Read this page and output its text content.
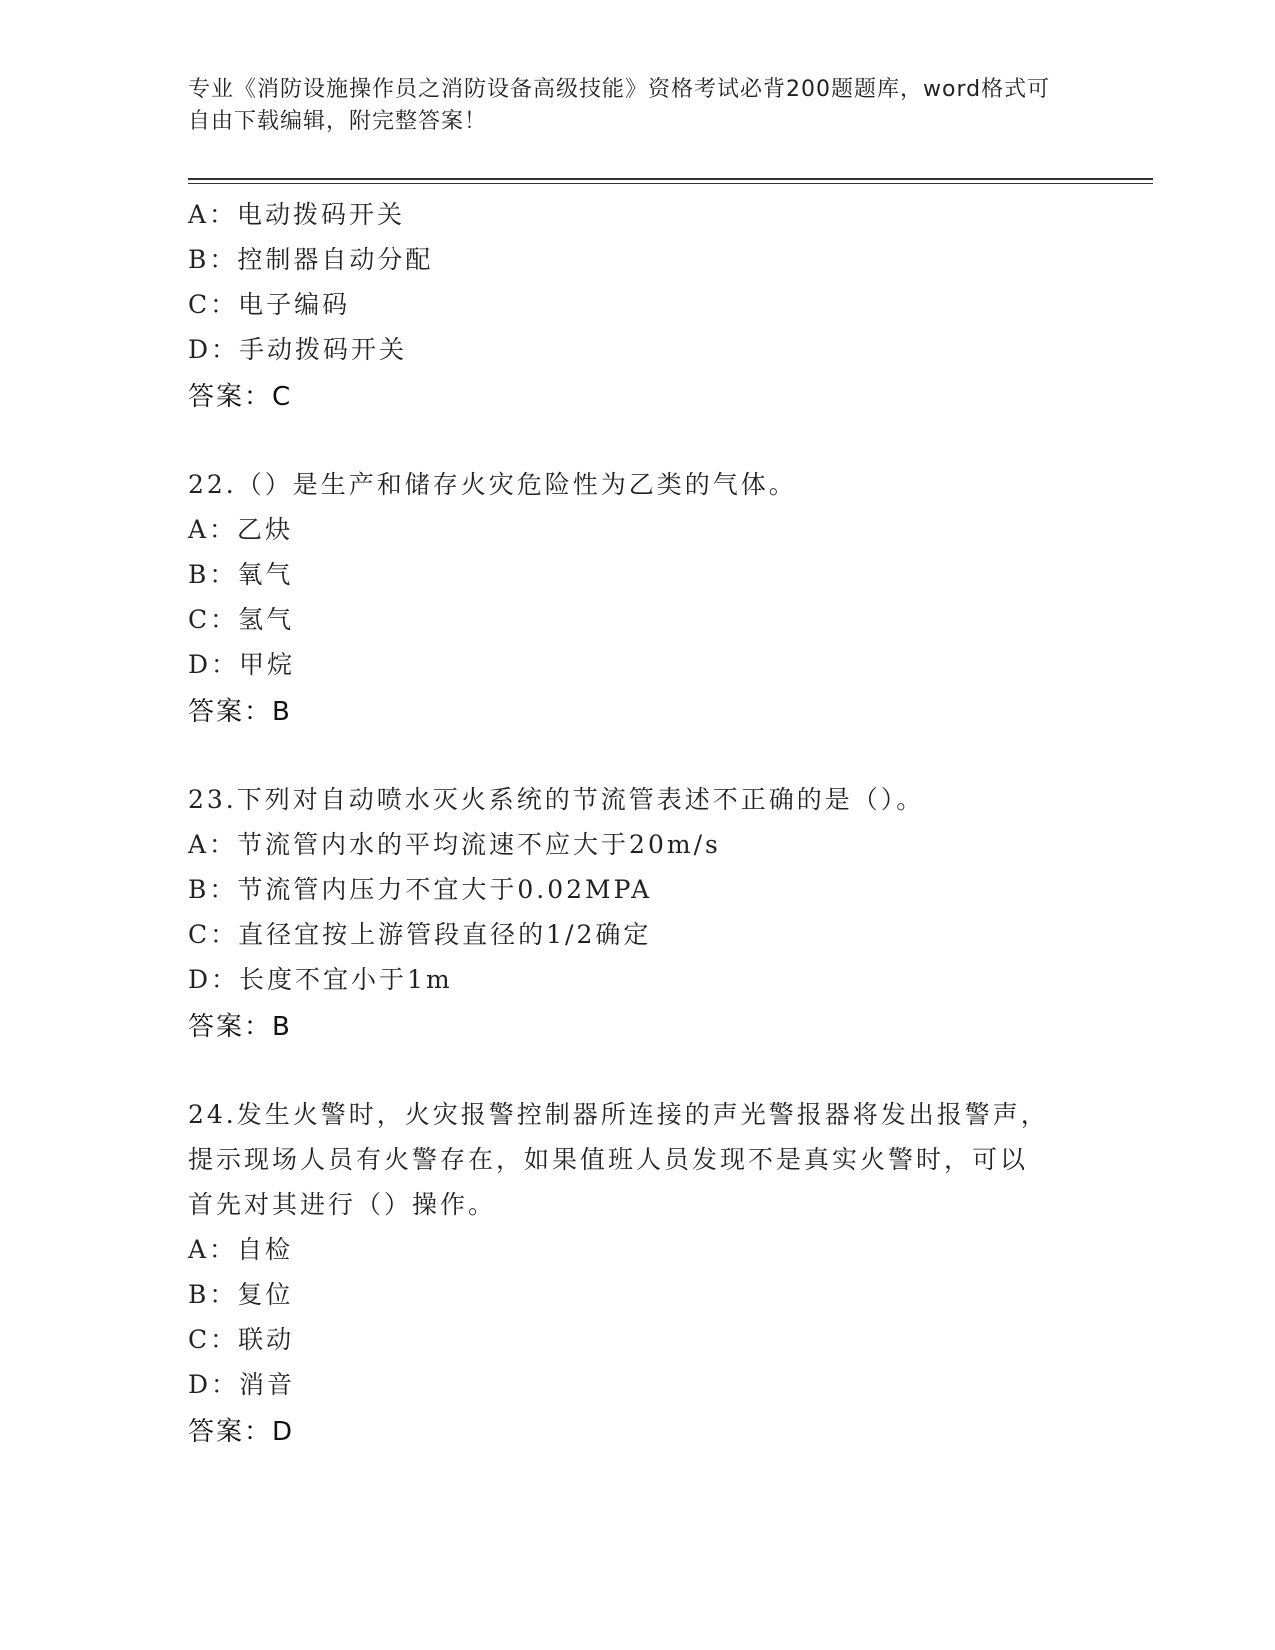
专业《消防设施操作员之消防设备高级技能》资格考试必背200题题库，word格式可自由下载编辑，附完整答案！
A：电动拨码开关
B：控制器自动分配
C：电子编码
D：手动拨码开关
答案：C
22.（）是生产和储存火灾危险性为乙类的气体。
A：乙炔
B：氧气
C：氢气
D：甲烷
答案：B
23.下列对自动喷水灭火系统的节流管表述不正确的是（）。
A：节流管内水的平均流速不应大于20m/s
B：节流管内压力不宜大于0.02MPA
C：直径宜按上游管段直径的1/2确定
D：长度不宜小于1m
答案：B
24.发生火警时，火灾报警控制器所连接的声光警报器将发出报警声，
提示现场人员有火警存在，如果值班人员发现不是真实火警时，可以
首先对其进行（）操作。
A：自检
B：复位
C：联动
D：消音
答案：D
